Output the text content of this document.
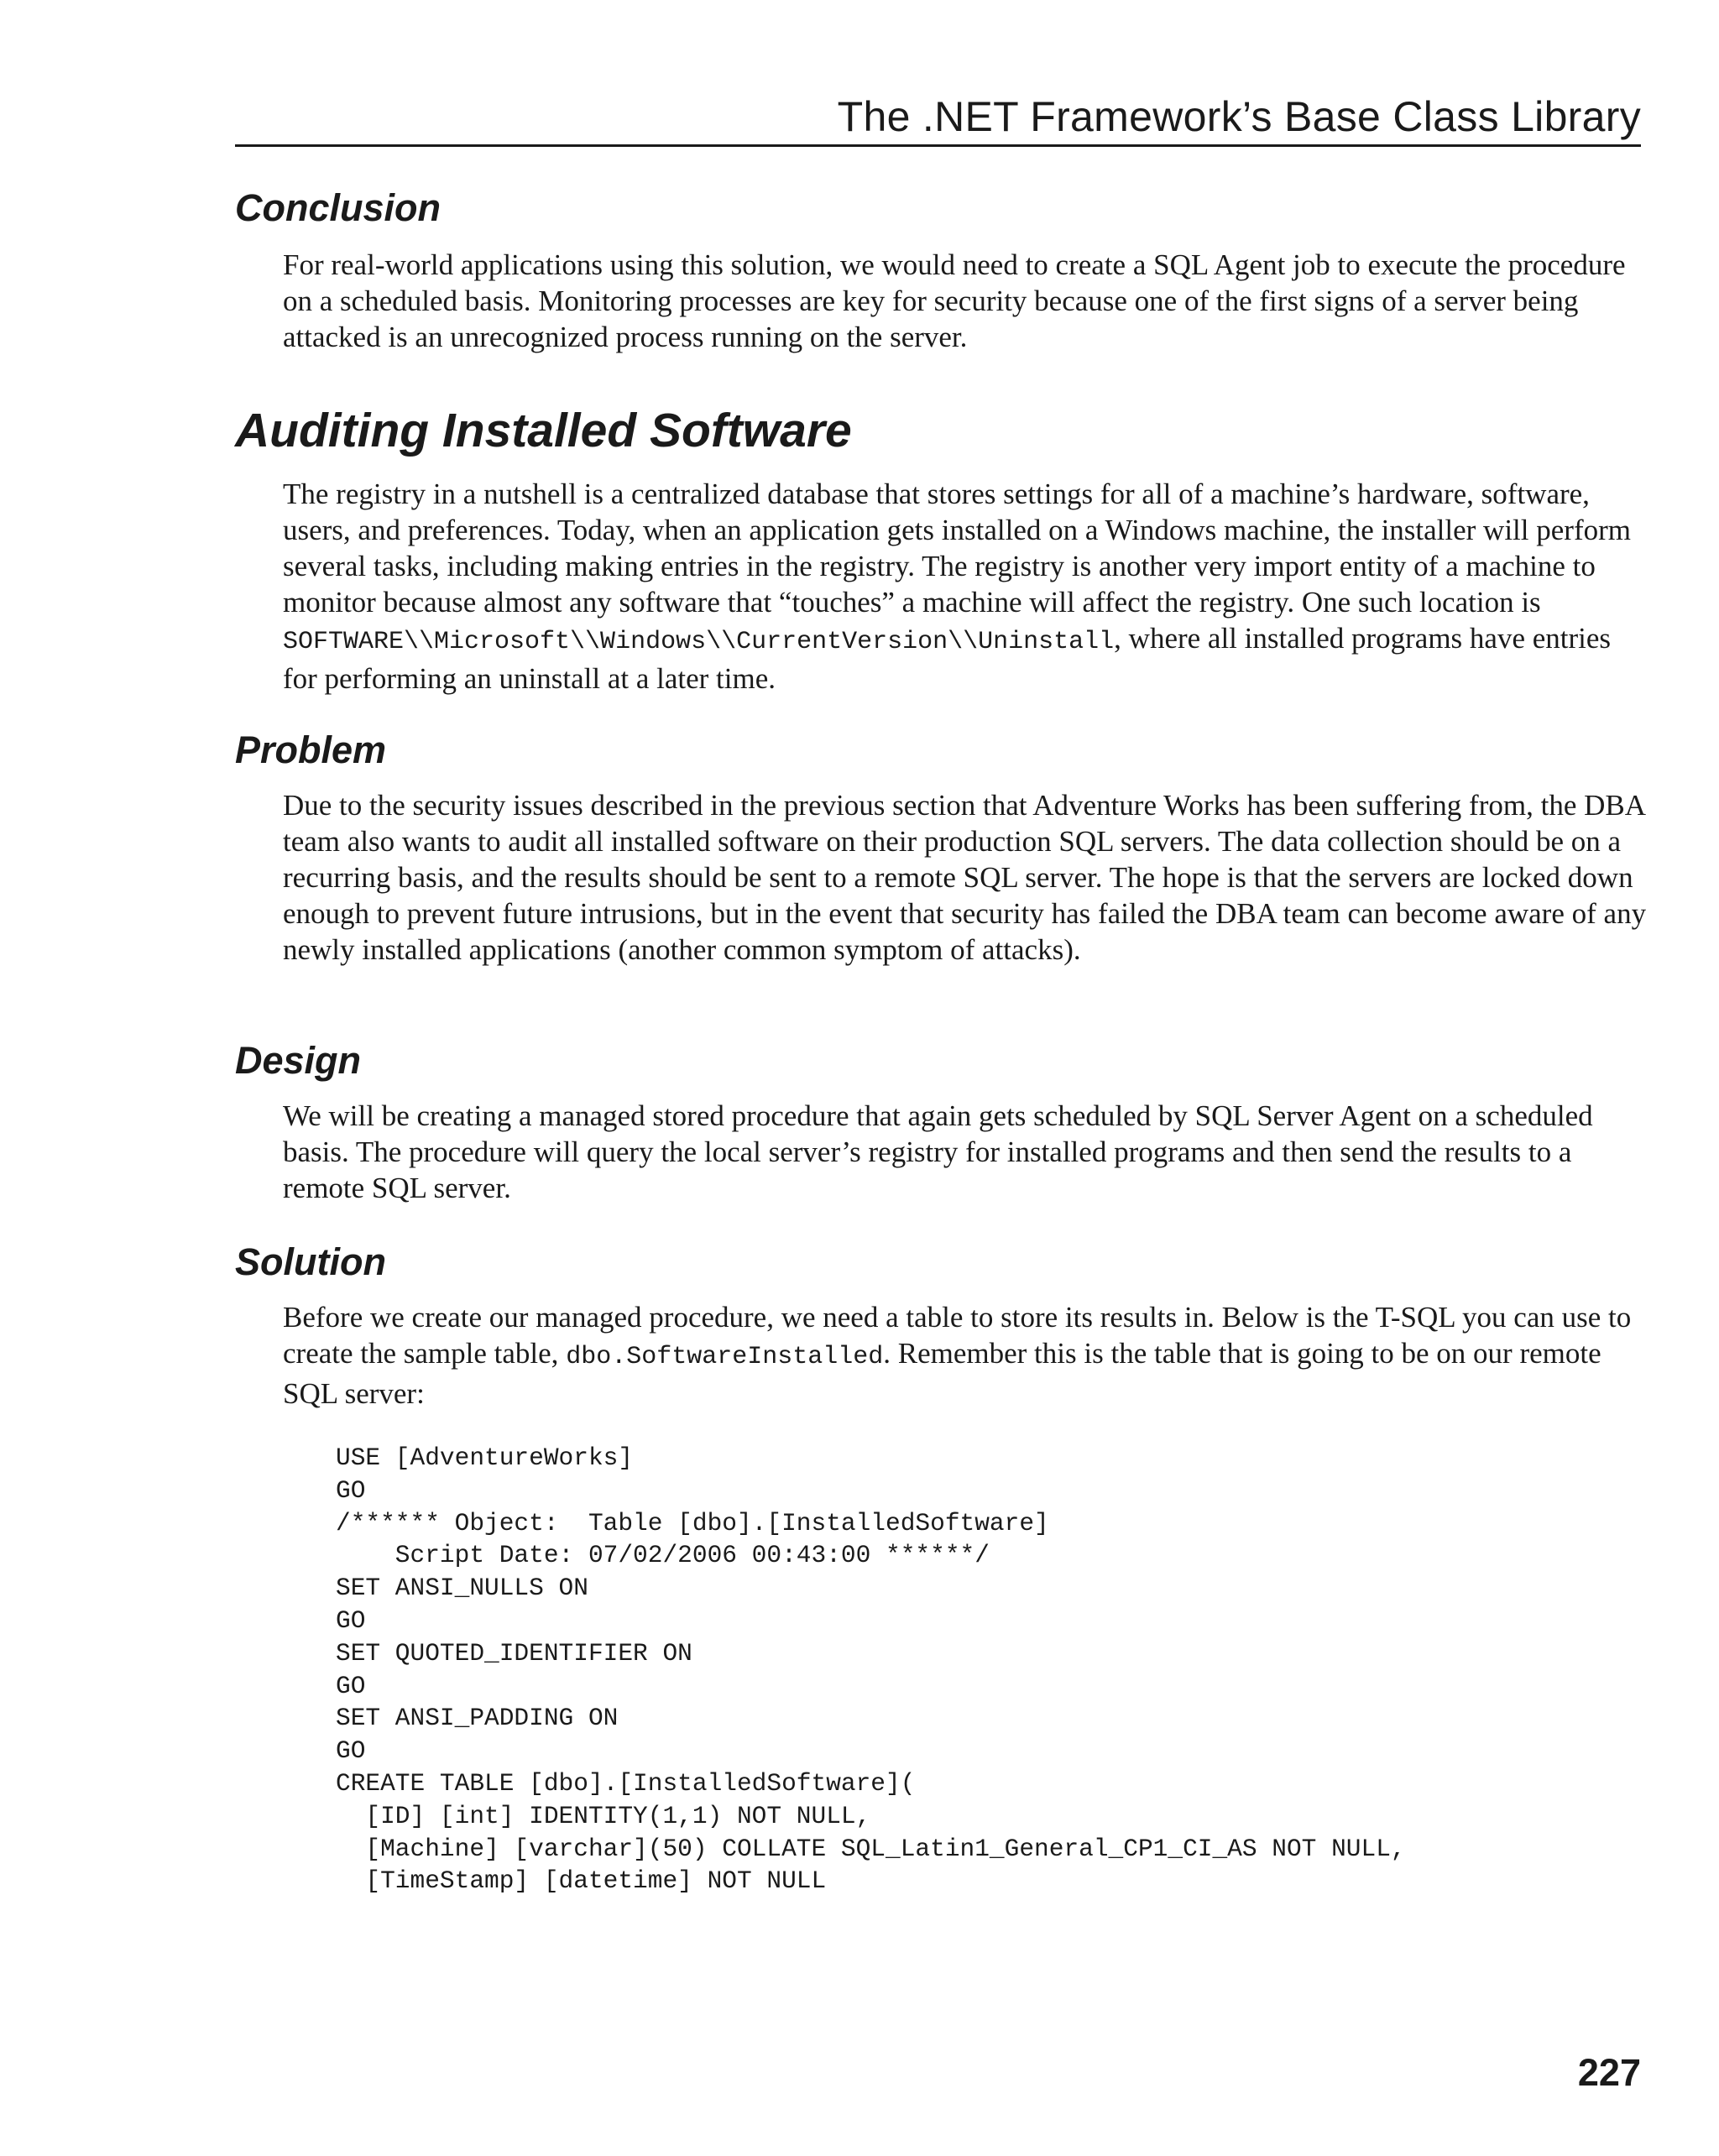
The .NET Framework’s Base Class Library
Conclusion

For real-world applications using this solution, we would need to create a SQL Agent job to execute the procedure on a scheduled basis. Monitoring processes are key for security because one of the first signs of a server being attacked is an unrecognized process running on the server.

Auditing Installed Software

The registry in a nutshell is a centralized database that stores settings for all of a machine’s hardware, software, users, and preferences. Today, when an application gets installed on a Windows machine, the installer will perform several tasks, including making entries in the registry. The registry is another very import entity of a machine to monitor because almost any software that “touches” a machine will affect the registry. One such location is SOFTWARE\\Microsoft\\Windows\\CurrentVersion\\Uninstall, where all installed programs have entries for performing an uninstall at a later time.

Problem

Due to the security issues described in the previous section that Adventure Works has been suffering from, the DBA team also wants to audit all installed software on their production SQL servers. The data collection should be on a recurring basis, and the results should be sent to a remote SQL server. The hope is that the servers are locked down enough to prevent future intrusions, but in the event that security has failed the DBA team can become aware of any newly installed applications (another common symptom of attacks).

Design

We will be creating a managed stored procedure that again gets scheduled by SQL Server Agent on a scheduled basis. The procedure will query the local server’s registry for installed programs and then send the results to a remote SQL server.

Solution

Before we create our managed procedure, we need a table to store its results in. Below is the T-SQL you can use to create the sample table, dbo.SoftwareInstalled. Remember this is the table that is going to be on our remote SQL server:

USE [AdventureWorks]
GO
/****** Object:  Table [dbo].[InstalledSoftware]
Script Date: 07/02/2006 00:43:00 ******/
SET ANSI_NULLS ON
GO
SET QUOTED_IDENTIFIER ON
GO
SET ANSI_PADDING ON
GO
CREATE TABLE [dbo].[InstalledSoftware](
[ID] [int] IDENTITY(1,1) NOT NULL,
[Machine] [varchar](50) COLLATE SQL_Latin1_General_CP1_CI_AS NOT NULL,
[TimeStamp] [datetime] NOT NULL
227
